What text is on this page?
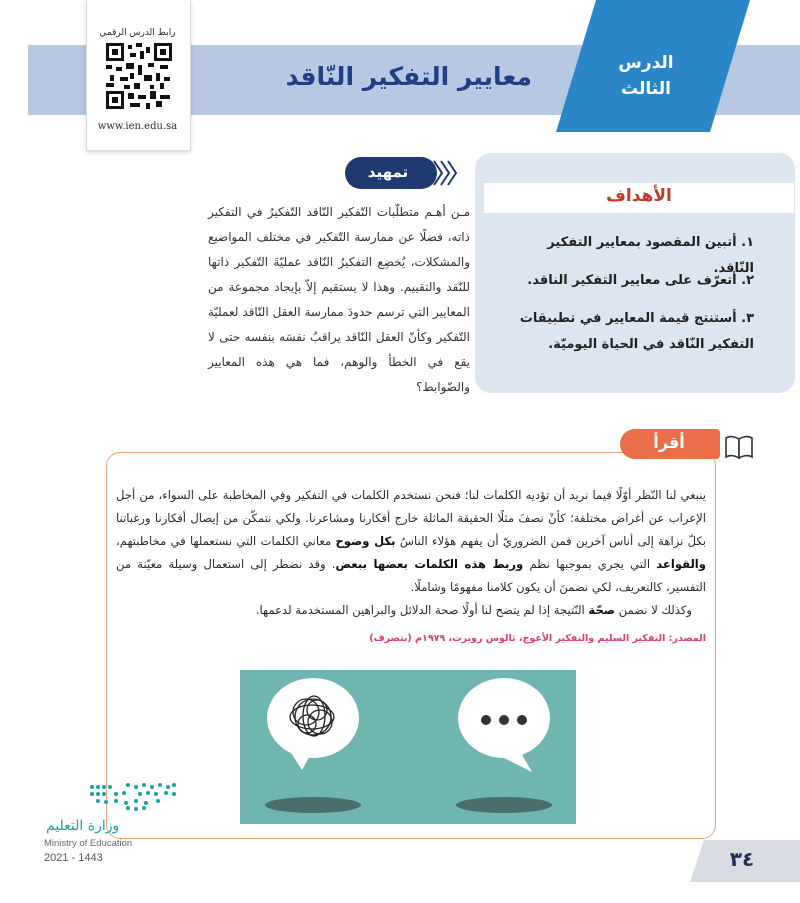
معايير التفكير النّاقد	الدرس
الثالث
رابط الدرس الرقمي
www.ien.edu.sa
الأهداف
١. أتبين المقصود بمعايير التفكير النّاقد.
٢. أتعرّف على معايير التفكير الناقد.
٣. أستنتج قيمة المعايير في تطبيقات التفكير النّاقد في الحياة اليوميّة.
تمهيد
مـن أهـم متطلّبات التّفكير النّاقد التّفكيرُ في التفكير ذاته، فضلًا عن ممارسة التّفكير في مختلف المواضيع والمشكلات، يُخضِع التفكيرُ النّاقد عمليّةَ التّفكير ذاتها للنّقد والتقييم. وهذا لا يستقيم إلاّ بإيجاد مجموعة من المعايير التي ترسم حدودَ ممارسة العقل النّاقد لعمليّة التّفكير وكأنّ العقل النّاقد يراقبُ نفسَه بنفسه حتى لا يقع في الخطأ والوهم، فما هي هذه المعايير والضّوابط؟
أقرأ
ينبغي لنا النّظر أوّلًا فيما نريد أن تؤديه الكلمات لنا؛ فنحن نستخدم الكلمات في التفكير وفي المخاطبة على السواء، من أجل الإعراب عن أغراض مختلفة؛ كأنْ نصفَ مثلًا الحقيقة الماثلة خارج أفكارنا ومشاعرنا. ولكي نتمكّن من إيصال أفكارنا ورغباتنا بكلّ نزاهة إلى أناس آخرين فمن الضروريّ أن يفهم هؤلاء الناسُ بكل وضوح معاني الكلمات التي نستعملها في مخاطبتهم، والقواعد التي يجري بموجبها نظم وربط هذه الكلمات بعضها ببعض. وقد نضطر إلى استعمال وسيلة معيّنة من التفسير، كالتعريف، لكي نضمنَ أن يكون كلامنا مفهومًا وشاملًا.
وكذلك لا نضمن صحّة النّتيجة إذا لم يتضح لنا أولًا صحة الدلائل والبراهين المستخدمة لدعمها.
المصدر: التفكير السليم والتفكير الأعوج، ثالوس روبرت، ١٩٧٩م (بتصرف)
وزارة التعليم
Ministry of Education
2021 - 1443	٣٤
